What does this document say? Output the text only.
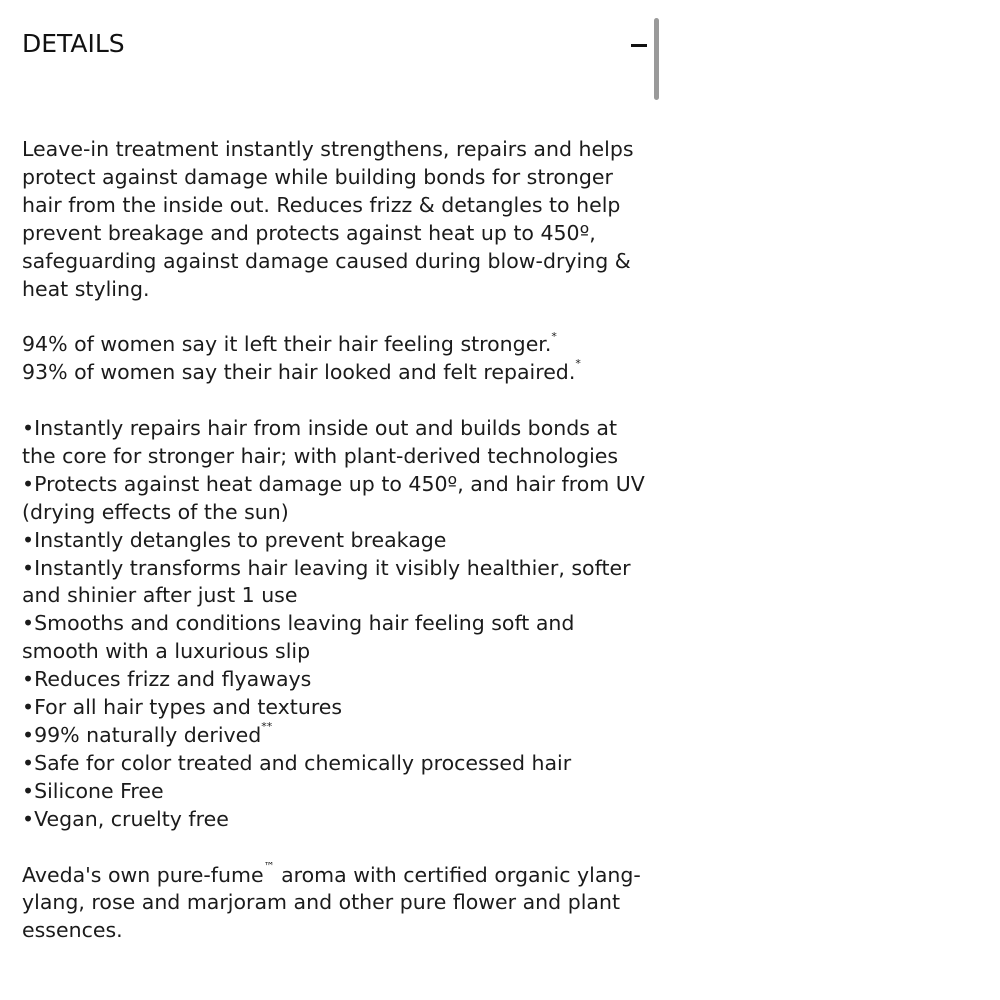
DETAILS

Leave-in treatment instantly strengthens, repairs and helps protect against damage while building bonds for stronger hair from the inside out. Reduces frizz & detangles to help prevent breakage and protects against heat up to 450º, safeguarding against damage caused during blow-drying & heat styling.

94% of women say it left their hair feeling stronger.*

93% of women say their hair looked and felt repaired.*

•Instantly repairs hair from inside out and builds bonds at the core for stronger hair; with plant-derived technologies
•Protects against heat damage up to 450º, and hair from UV (drying effects of the sun)
•Instantly detangles to prevent breakage
•Instantly transforms hair leaving it visibly healthier, softer and shinier after just 1 use
•Smooths and conditions leaving hair feeling soft and smooth with a luxurious slip
•Reduces frizz and flyaways
•For all hair types and textures
•99% naturally derived**
•Safe for color treated and chemically processed hair
•Silicone Free
•Vegan, cruelty free

Aveda's own pure-fume™ aroma with certified organic ylang-ylang, rose and marjoram and other pure flower and plant essences.
